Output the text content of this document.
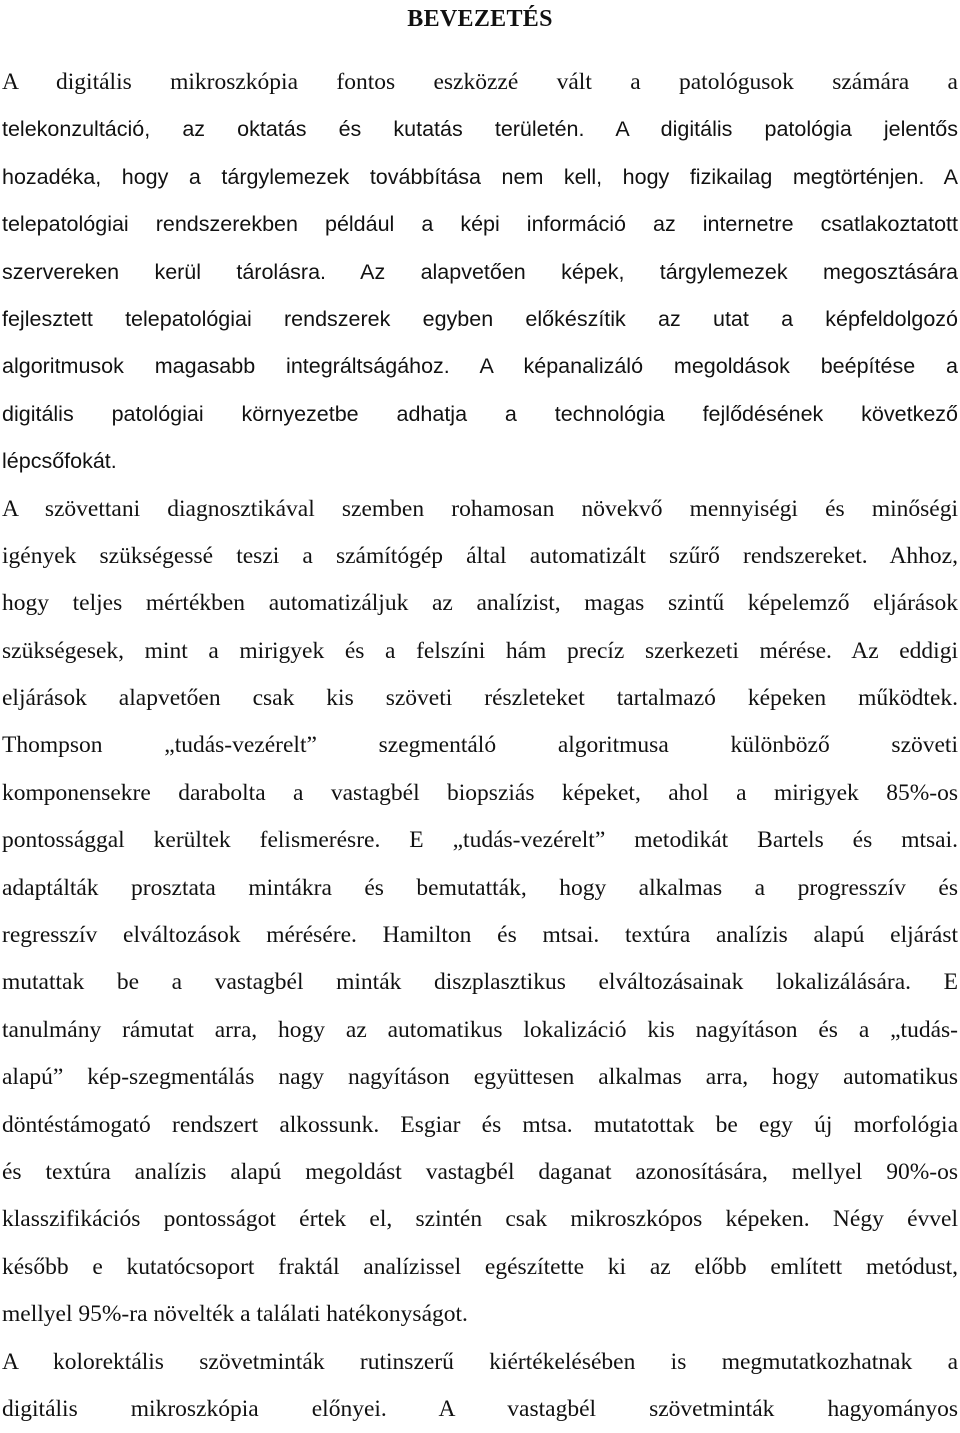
BEVEZETÉS
A digitális mikroszkópia fontos eszközzé vált a patológusok számára a
telekonzultáció, az oktatás és kutatás területén. A digitális patológia jelentős
hozadéka, hogy a tárgylemezek továbbítása nem kell, hogy fizikailag megtörténjen. A
telepatológiai rendszerekben például a képi információ az internetre csatlakoztatott
szervereken kerül tárolásra. Az alapvetően képek, tárgylemezek megosztására
fejlesztett telepatológiai rendszerek egyben előkészítik az utat a képfeldolgozó
algoritmusok magasabb integráltságához. A képanalizáló megoldások beépítése a
digitális patológiai környezetbe adhatja a technológia fejlődésének következő
lépcsőfokát.
A szövettani diagnosztikával szemben rohamosan növekvő mennyiségi és minőségi
igények szükségessé teszi a számítógép által automatizált szűrő rendszereket. Ahhoz,
hogy teljes mértékben automatizáljuk az analízist, magas szintű képelemző eljárások
szükségesek, mint a mirigyek és a felszíni hám precíz szerkezeti mérése. Az eddigi
eljárások alapvetően csak kis szöveti részleteket tartalmazó képeken működtek.
Thompson „tudás-vezérelt” szegmentáló algoritmusa különböző szöveti
komponensekre darabolta a vastagbél biopsziás képeket, ahol a mirigyek 85%-os
pontossággal kerültek felismerésre. E „tudás-vezérelt” metodikát Bartels és mtsai.
adaptálták prosztata mintákra és bemutatták, hogy alkalmas a progresszív és
regresszív elváltozások mérésére. Hamilton és mtsai. textúra analízis alapú eljárást
mutattak be a vastagbél minták diszplasztikus elváltozásainak lokalizálására. E
tanulmány rámutat arra, hogy az automatikus lokalizáció kis nagyításon és a „tudás-
alapú” kép-szegmentálás nagy nagyításon együttesen alkalmas arra, hogy automatikus
döntéstámogató rendszert alkossunk. Esgiar és mtsa. mutatottak be egy új morfológia
és textúra analízis alapú megoldást vastagbél daganat azonosítására, mellyel 90%-os
klasszifikációs pontosságot értek el, szintén csak mikroszkópos képeken. Négy évvel
később e kutatócsoport fraktál analízissel egészítette ki az előbb említett metódust,
mellyel 95%-ra növelték a találati hatékonyságot.
A kolorektális szövetminták rutinszerű kiértékelésében is megmutatkozhatnak a
digitális mikroszkópia előnyei. A vastagbél szövetminták hagyományos
